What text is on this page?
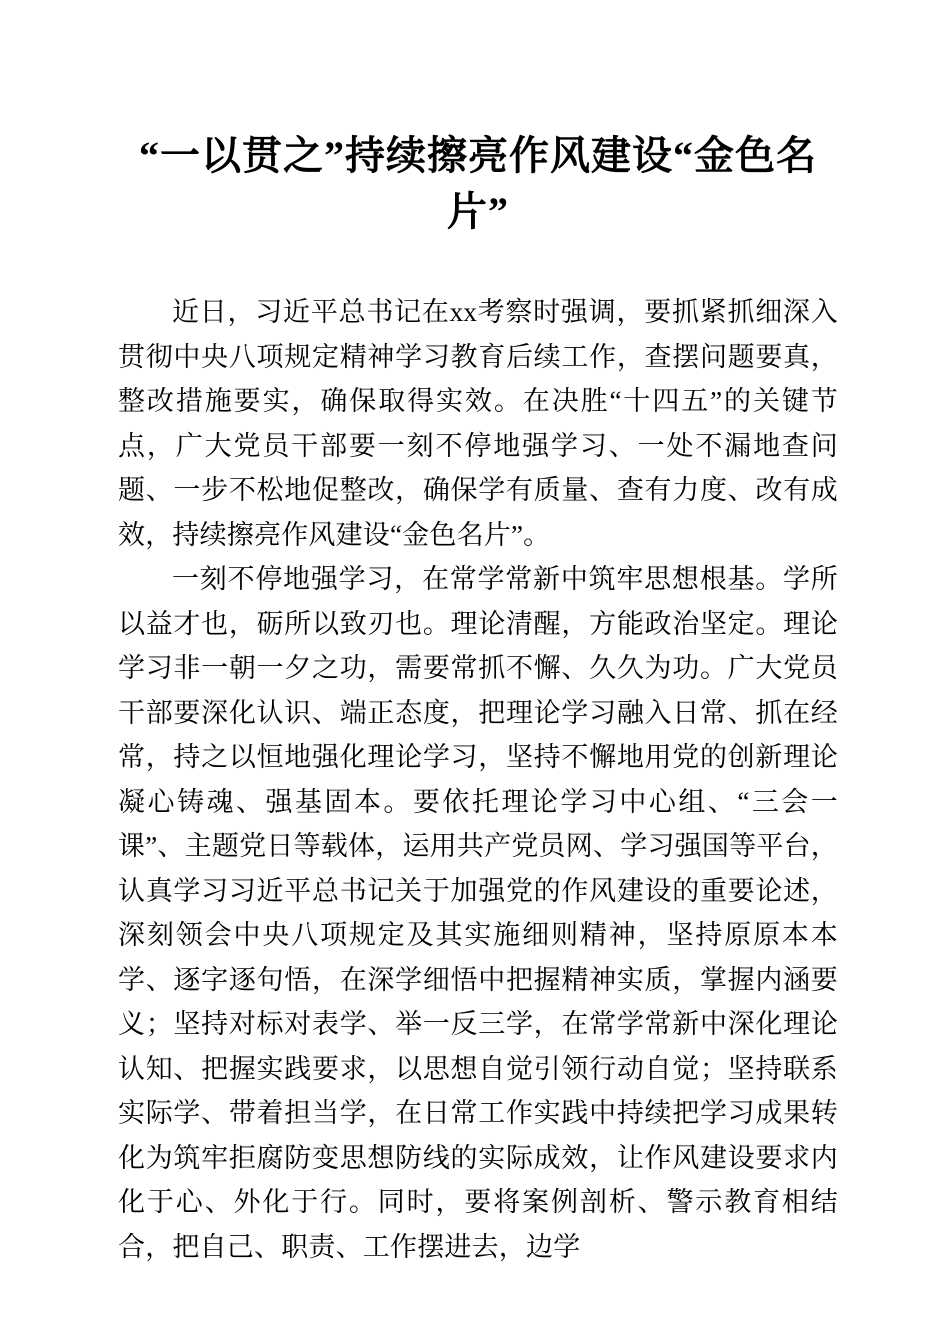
“一以贯之”持续擦亮作风建设“金色名片”

近日，习近平总书记在xx考察时强调，要抓紧抓细深入贯彻中央八项规定精神学习教育后续工作，查摆问题要真，整改措施要实，确保取得实效。在决胜“十四五”的关键节点，广大党员干部要一刻不停地强学习、一处不漏地查问题、一步不松地促整改，确保学有质量、查有力度、改有成效，持续擦亮作风建设“金色名片”。

一刻不停地强学习，在常学常新中筑牢思想根基。学所以益才也，砺所以致刃也。理论清醒，方能政治坚定。理论学习非一朝一夕之功，需要常抓不懈、久久为功。广大党员干部要深化认识、端正态度，把理论学习融入日常、抓在经常，持之以恒地强化理论学习，坚持不懈地用党的创新理论凝心铸魂、强基固本。要依托理论学习中心组、“三会一课”、主题党日等载体，运用共产党员网、学习强国等平台，认真学习习近平总书记关于加强党的作风建设的重要论述，深刻领会中央八项规定及其实施细则精神，坚持原原本本学、逐字逐句悟，在深学细悟中把握精神实质，掌握内涵要义；坚持对标对表学、举一反三学，在常学常新中深化理论认知、把握实践要求，以思想自觉引领行动自觉；坚持联系实际学、带着担当学，在日常工作实践中持续把学习成果转化为筑牢拒腐防变思想防线的实际成效，让作风建设要求内化于心、外化于行。同时，要将案例剖析、警示教育相结合，把自己、职责、工作摆进去，边学
